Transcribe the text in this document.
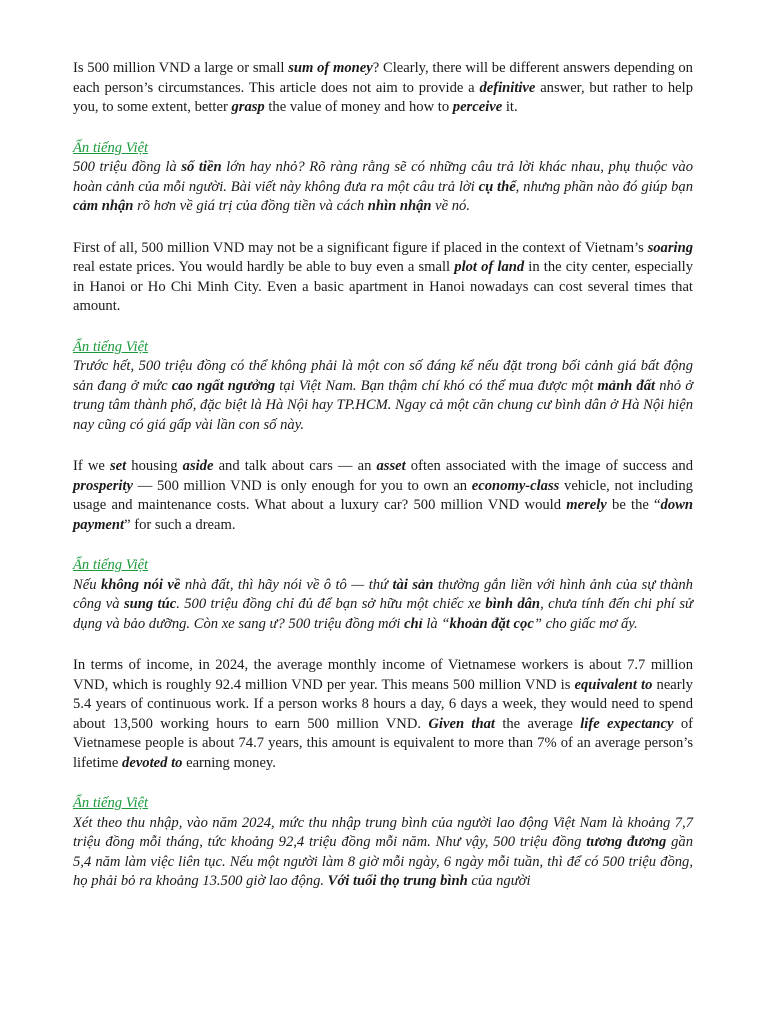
Is 500 million VND a large or small sum of money? Clearly, there will be different answers depending on each person’s circumstances. This article does not aim to provide a definitive answer, but rather to help you, to some extent, better grasp the value of money and how to perceive it.

Ẩn tiếng Việt

500 triệu đồng là số tiền lớn hay nhỏ? Rõ ràng rằng sẽ có những câu trả lời khác nhau, phụ thuộc vào hoàn cảnh của mỗi người. Bài viết này không đưa ra một câu trả lời cụ thể, nhưng phần nào đó giúp bạn cảm nhận rõ hơn về giá trị của đồng tiền và cách nhìn nhận về nó.

First of all, 500 million VND may not be a significant figure if placed in the context of Vietnam’s soaring real estate prices. You would hardly be able to buy even a small plot of land in the city center, especially in Hanoi or Ho Chi Minh City. Even a basic apartment in Hanoi nowadays can cost several times that amount.

Ẩn tiếng Việt

Trước hết, 500 triệu đồng có thể không phải là một con số đáng kể nếu đặt trong bối cảnh giá bất động sản đang ở mức cao ngất ngưởng tại Việt Nam. Bạn thậm chí khó có thể mua được một mảnh đất nhỏ ở trung tâm thành phố, đặc biệt là Hà Nội hay TP.HCM. Ngay cả một căn chung cư bình dân ở Hà Nội hiện nay cũng có giá gấp vài lần con số này.

If we set housing aside and talk about cars — an asset often associated with the image of success and prosperity — 500 million VND is only enough for you to own an economy-class vehicle, not including usage and maintenance costs. What about a luxury car? 500 million VND would merely be the “down payment” for such a dream.

Ẩn tiếng Việt

Nếu không nói về nhà đất, thì hãy nói về ô tô — thứ tài sản thường gắn liền với hình ảnh của sự thành công và sung túc. 500 triệu đồng chỉ đủ để bạn sở hữu một chiếc xe bình dân, chưa tính đến chi phí sử dụng và bảo dưỡng. Còn xe sang ư? 500 triệu đồng mới chỉ là “khoản đặt cọc” cho giấc mơ ấy.

In terms of income, in 2024, the average monthly income of Vietnamese workers is about 7.7 million VND, which is roughly 92.4 million VND per year. This means 500 million VND is equivalent to nearly 5.4 years of continuous work. If a person works 8 hours a day, 6 days a week, they would need to spend about 13,500 working hours to earn 500 million VND. Given that the average life expectancy of Vietnamese people is about 74.7 years, this amount is equivalent to more than 7% of an average person’s lifetime devoted to earning money.

Ẩn tiếng Việt

Xét theo thu nhập, vào năm 2024, mức thu nhập trung bình của người lao động Việt Nam là khoảng 7,7 triệu đồng mỗi tháng, tức khoảng 92,4 triệu đồng mỗi năm. Như vậy, 500 triệu đồng tương đương gần 5,4 năm làm việc liên tục. Nếu một người làm 8 giờ mỗi ngày, 6 ngày mỗi tuần, thì để có 500 triệu đồng, họ phải bỏ ra khoảng 13.500 giờ lao động. Với tuổi thọ trung bình của người
